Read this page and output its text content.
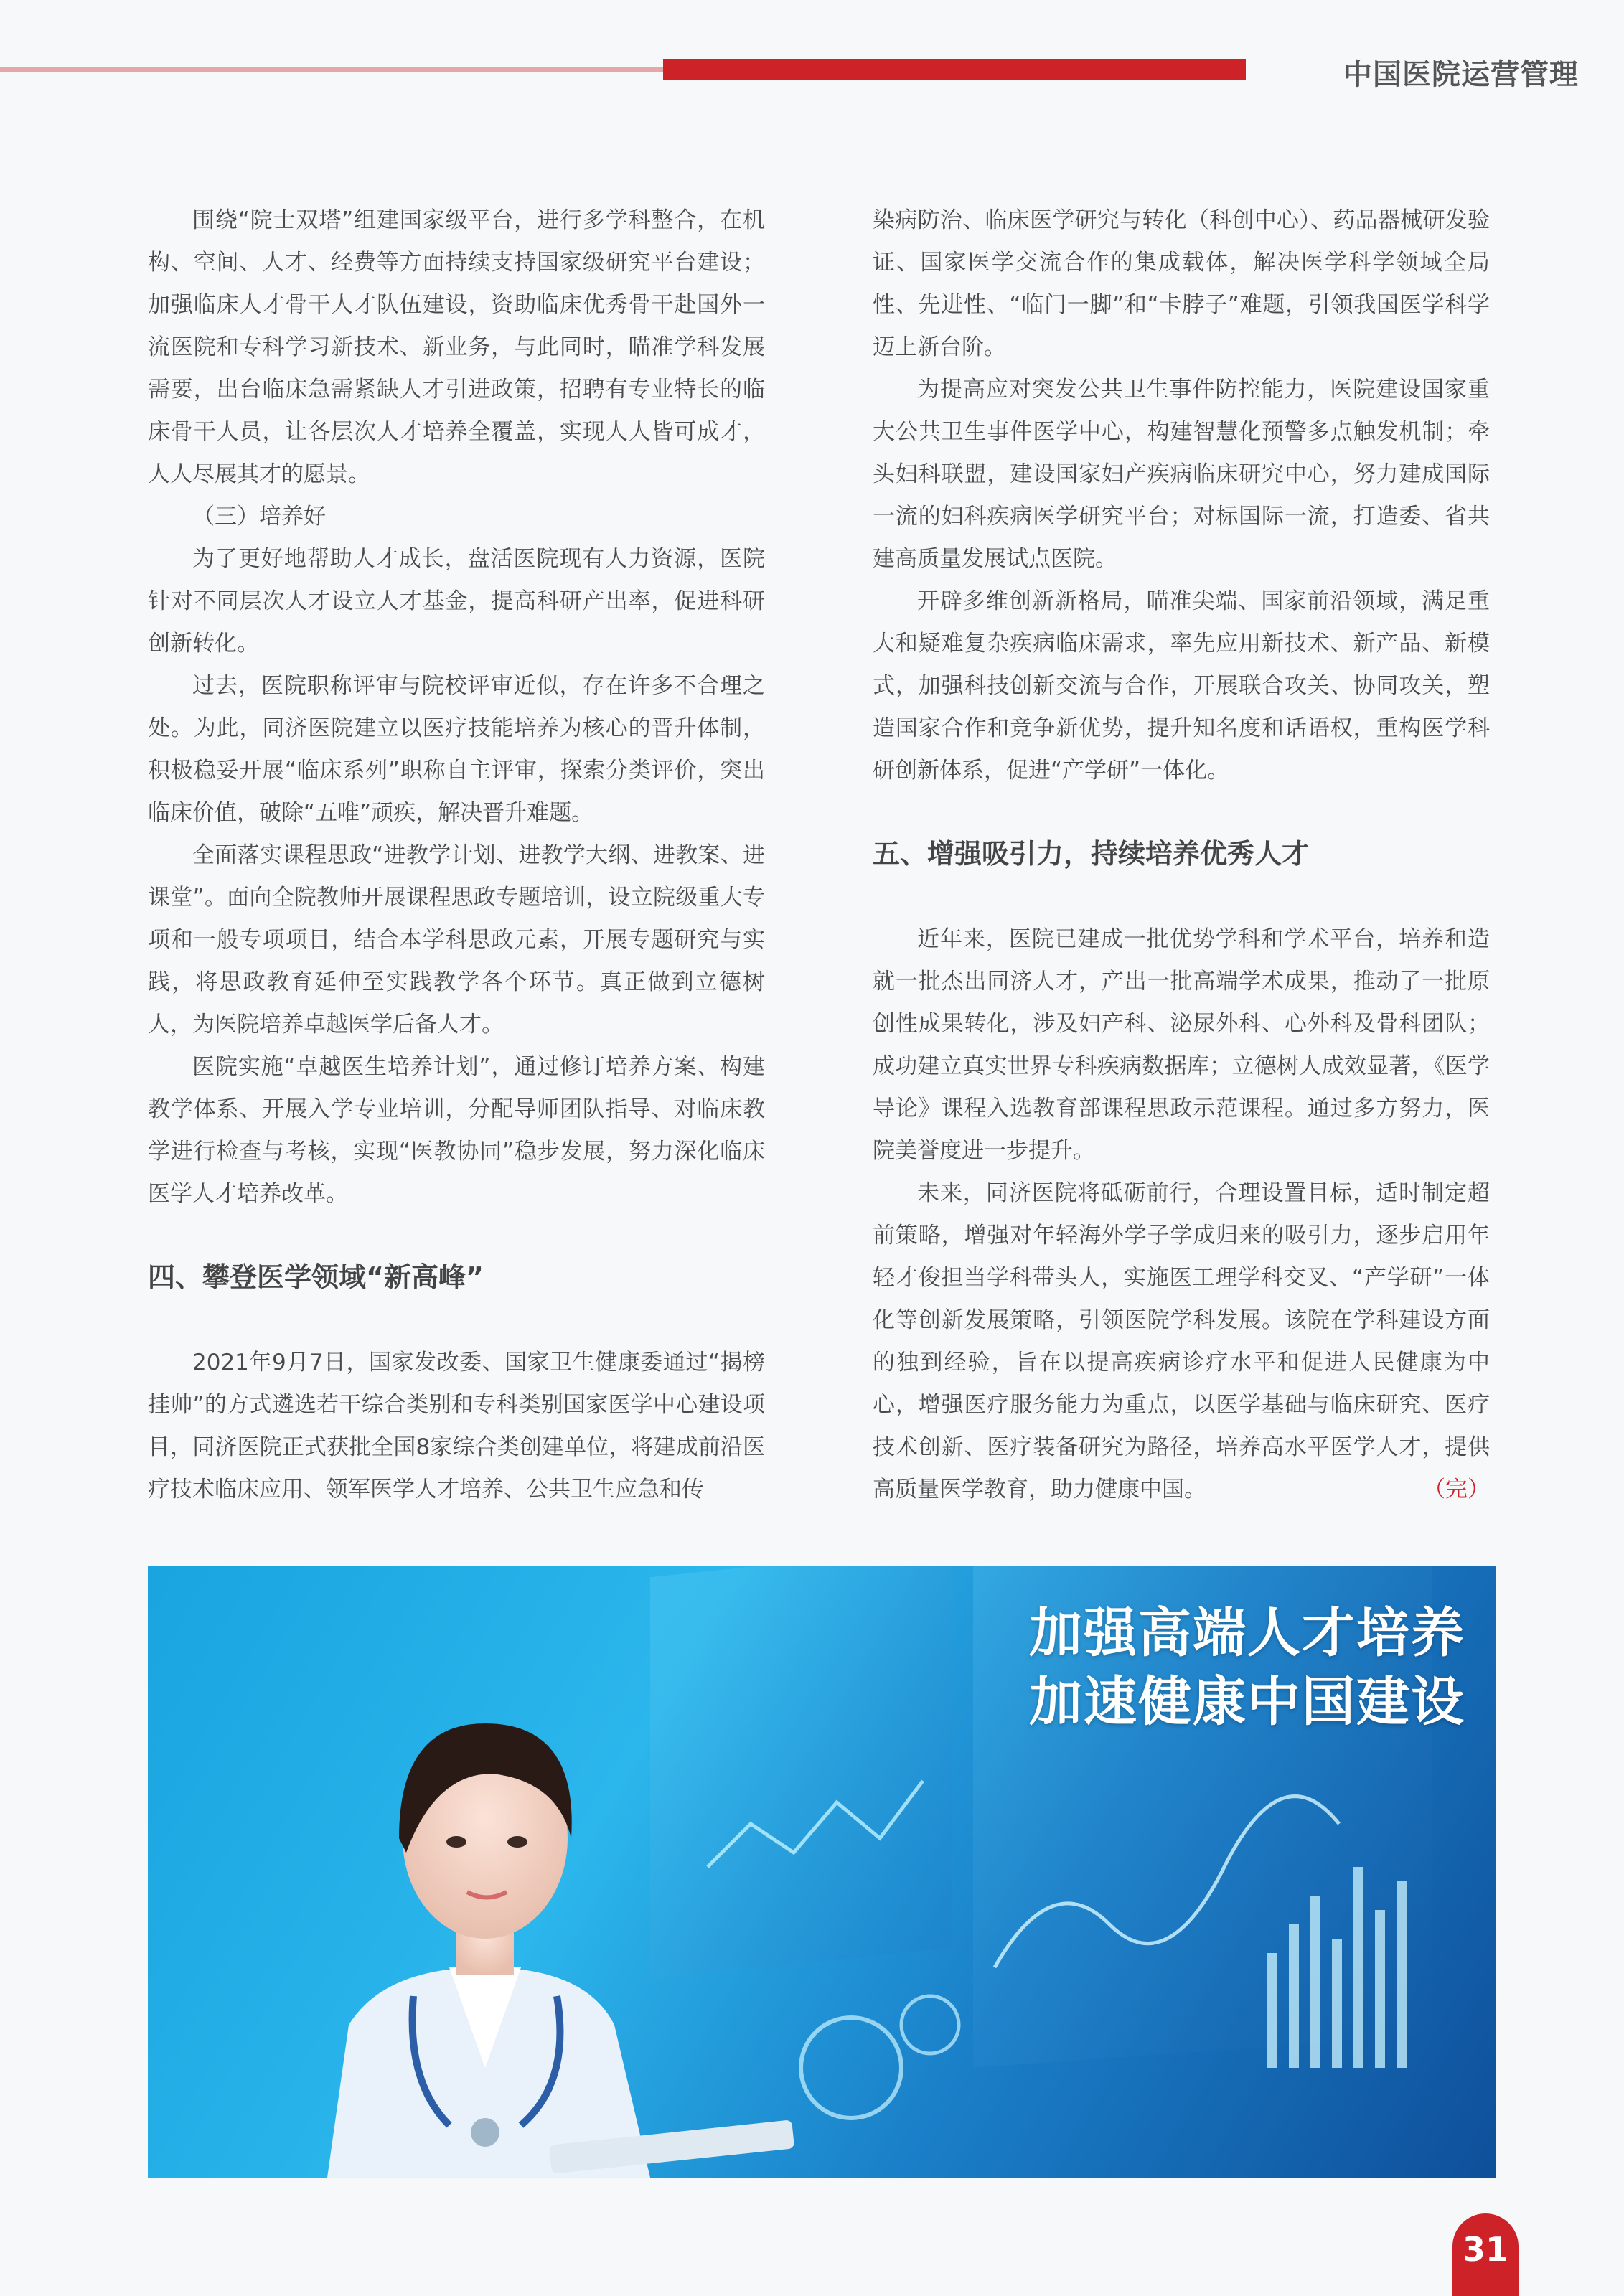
中国医院运营管理

围绕“院士双塔”组建国家级平台，进行多学科整合，在机构、空间、人才、经费等方面持续支持国家级研究平台建设；加强临床人才骨干人才队伍建设，资助临床优秀骨干赴国外一流医院和专科学习新技术、新业务，与此同时，瞄准学科发展需要，出台临床急需紧缺人才引进政策，招聘有专业特长的临床骨干人员，让各层次人才培养全覆盖，实现人人皆可成才，人人尽展其才的愿景。

（三）培养好

为了更好地帮助人才成长，盘活医院现有人力资源，医院针对不同层次人才设立人才基金，提高科研产出率，促进科研创新转化。

过去，医院职称评审与院校评审近似，存在许多不合理之处。为此，同济医院建立以医疗技能培养为核心的晋升体制，积极稳妥开展“临床系列”职称自主评审，探索分类评价，突出临床价值，破除“五唯”顽疾，解决晋升难题。

全面落实课程思政“进教学计划、进教学大纲、进教案、进课堂”。面向全院教师开展课程思政专题培训，设立院级重大专项和一般专项项目，结合本学科思政元素，开展专题研究与实践，将思政教育延伸至实践教学各个环节。真正做到立德树人，为医院培养卓越医学后备人才。

医院实施“卓越医生培养计划”，通过修订培养方案、构建教学体系、开展入学专业培训，分配导师团队指导、对临床教学进行检查与考核，实现“医教协同”稳步发展，努力深化临床医学人才培养改革。

四、攀登医学领域“新高峰”

2021年9月7日，国家发改委、国家卫生健康委通过“揭榜挂帅”的方式遴选若干综合类别和专科类别国家医学中心建设项目，同济医院正式获批全国8家综合类创建单位，将建成前沿医疗技术临床应用、领军医学人才培养、公共卫生应急和传

染病防治、临床医学研究与转化（科创中心）、药品器械研发验证、国家医学交流合作的集成载体，解决医学科学领域全局性、先进性、“临门一脚”和“卡脖子”难题，引领我国医学科学迈上新台阶。

为提高应对突发公共卫生事件防控能力，医院建设国家重大公共卫生事件医学中心，构建智慧化预警多点触发机制；牵头妇科联盟，建设国家妇产疾病临床研究中心，努力建成国际一流的妇科疾病医学研究平台；对标国际一流，打造委、省共建高质量发展试点医院。

开辟多维创新新格局，瞄准尖端、国家前沿领域，满足重大和疑难复杂疾病临床需求，率先应用新技术、新产品、新模式，加强科技创新交流与合作，开展联合攻关、协同攻关，塑造国家合作和竞争新优势，提升知名度和话语权，重构医学科研创新体系，促进“产学研”一体化。

五、增强吸引力，持续培养优秀人才

近年来，医院已建成一批优势学科和学术平台，培养和造就一批杰出同济人才，产出一批高端学术成果，推动了一批原创性成果转化，涉及妇产科、泌尿外科、心外科及骨科团队；成功建立真实世界专科疾病数据库；立德树人成效显著，《医学导论》课程入选教育部课程思政示范课程。通过多方努力，医院美誉度进一步提升。

未来，同济医院将砥砺前行，合理设置目标，适时制定超前策略，增强对年轻海外学子学成归来的吸引力，逐步启用年轻才俊担当学科带头人，实施医工理学科交叉、“产学研”一体化等创新发展策略，引领医院学科发展。该院在学科建设方面的独到经验，旨在以提高疾病诊疗水平和促进人民健康为中心，增强医疗服务能力为重点，以医学基础与临床研究、医疗技术创新、医疗装备研究为路径，培养高水平医学人才，提供高质量医学教育，助力健康中国。	（完）

加强高端人才培养
加速健康中国建设
31
